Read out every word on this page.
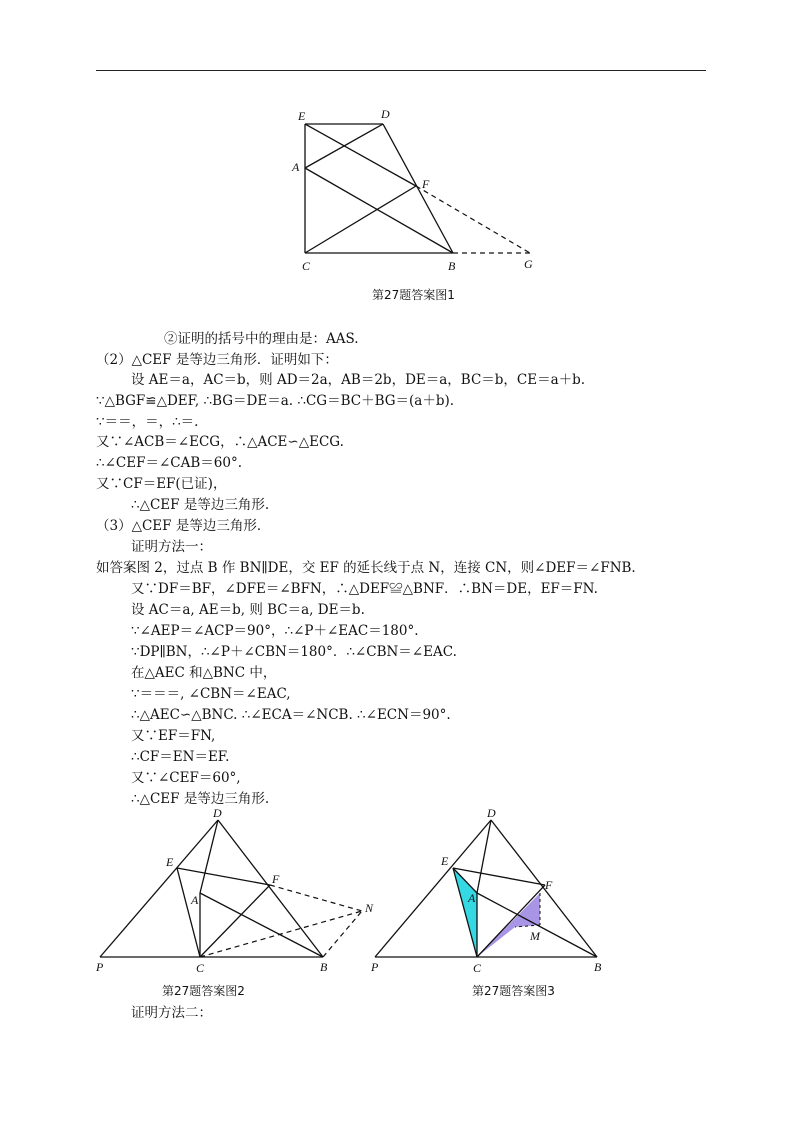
E	D
A
F
C	B	G
第27题答案图1
②证明的括号中的理由是：AAS.
（2）△CEF 是等边三角形．证明如下：
设 AE＝a，AC＝b，则 AD＝2a，AB＝2b，DE＝a，BC＝b，CE＝a＋b.
∵△BGF≌△DEF, ∴BG＝DE＝a. ∴CG＝BC＋BG＝(a＋b).
∵＝＝，＝，∴＝.
又∵∠ACB＝∠ECG，∴△ACE∽△ECG.
∴∠CEF＝∠CAB＝60°.
又∵CF＝EF(已证)，
∴△CEF 是等边三角形.
（3）△CEF 是等边三角形．
证明方法一：
如答案图 2，过点 B 作 BN∥DE，交 EF 的延长线于点 N，连接 CN，则∠DEF＝∠FNB.
又∵DF＝BF，∠DFE＝∠BFN，∴△DEF≌△BNF．∴BN＝DE，EF＝FN.
设 AC＝a, AE＝b, 则 BC＝a, DE＝b.
∵∠AEP＝∠ACP＝90°，∴∠P＋∠EAC＝180°.
∵DP∥BN，∴∠P＋∠CBN＝180°．∴∠CBN＝∠EAC.
在△AEC 和△BNC 中，
∵＝＝＝, ∠CBN＝∠EAC,
∴△AEC∽△BNC. ∴∠ECA＝∠NCB. ∴∠ECN＝90°.
又∵EF＝FN,
∴CF＝EN＝EF.
又∵∠CEF＝60°,
∴△CEF 是等边三角形.
D
E
A
F
N
P	C	B
第27题答案图2
D
E
A
F
M
P	C	B
第27题答案图3
证明方法二：
